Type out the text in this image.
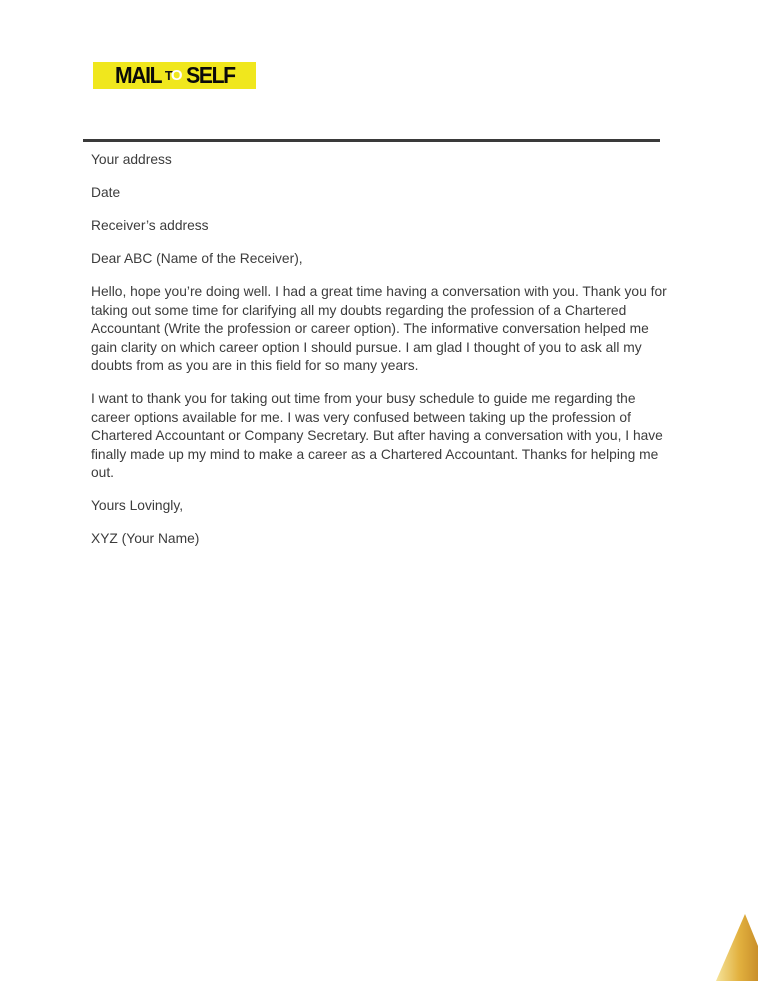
MAIL T O SELF

Your address

Date

Receiver’s address

Dear ABC (Name of the Receiver),

Hello, hope you’re doing well. I had a great time having a conversation with you. Thank you for taking out some time for clarifying all my doubts regarding the profession of a Chartered Accountant (Write the profession or career option). The informative conversation helped me gain clarity on which career option I should pursue. I am glad I thought of you to ask all my doubts from as you are in this field for so many years.

I want to thank you for taking out time from your busy schedule to guide me regarding the career options available for me. I was very confused between taking up the profession of Chartered Accountant or Company Secretary. But after having a conversation with you, I have finally made up my mind to make a career as a Chartered Accountant. Thanks for helping me out.

Yours Lovingly,

XYZ (Your Name)
